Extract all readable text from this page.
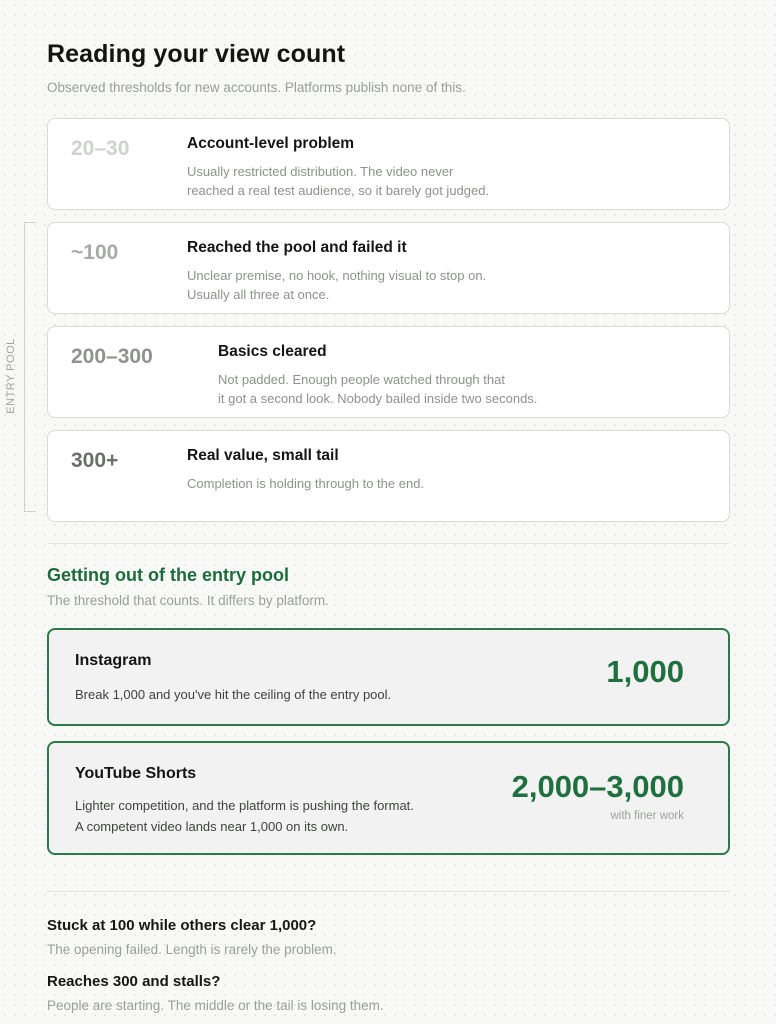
ENTRY POOL
Reading your view count
Observed thresholds for new accounts. Platforms publish none of this.
20–30	Account-level problem
Usually restricted distribution. The video never
reached a real test audience, so it barely got judged.
~100	Reached the pool and failed it
Unclear premise, no hook, nothing visual to stop on.
Usually all three at once.
200–300	Basics cleared
Not padded. Enough people watched through that
it got a second look. Nobody bailed inside two seconds.
300+	Real value, small tail
Completion is holding through to the end.
Getting out of the entry pool
The threshold that counts. It differs by platform.
Instagram
Break 1,000 and you've hit the ceiling of the entry pool.
1,000
YouTube Shorts
Lighter competition, and the platform is pushing the format.
A competent video lands near 1,000 on its own.
2,000–3,000
with finer work
Stuck at 100 while others clear 1,000?
The opening failed. Length is rarely the problem.
Reaches 300 and stalls?
People are starting. The middle or the tail is losing them.
